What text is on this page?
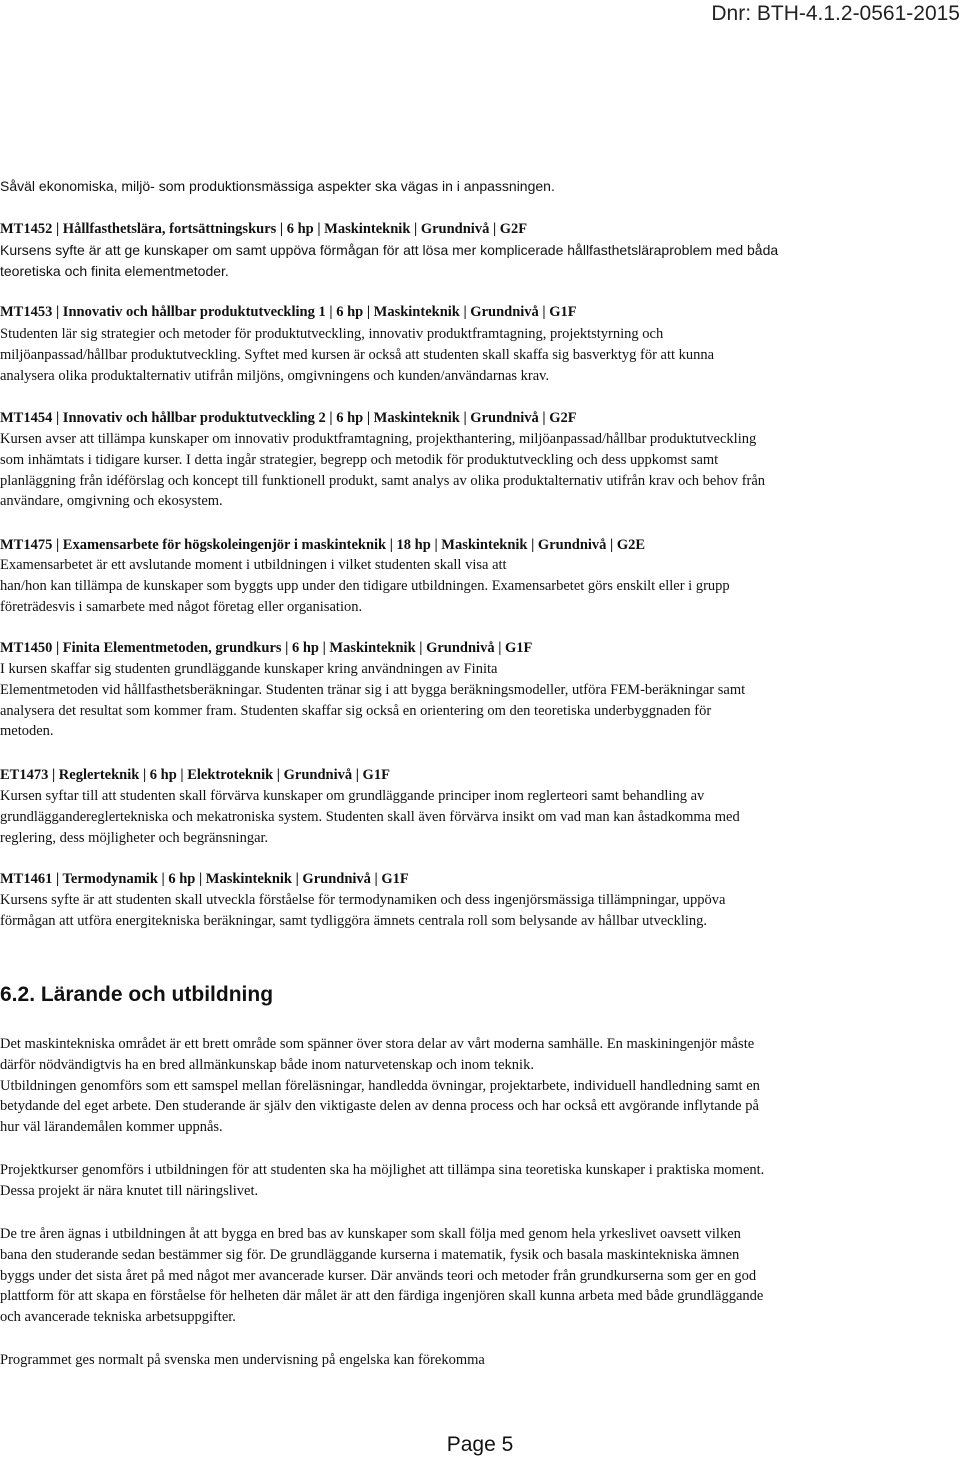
Dnr: BTH-4.1.2-0561-2015

Såväl ekonomiska, miljö- som produktionsmässiga aspekter ska vägas in i anpassningen.

MT1452 | Hållfasthetslära, fortsättningskurs | 6 hp | Maskinteknik | Grundnivå | G2F

Kursens syfte är att ge kunskaper om samt uppöva förmågan för att lösa mer komplicerade hållfasthetsläraproblem med båda
teoretiska och finita elementmetoder.

MT1453 | Innovativ och hållbar produktutveckling 1 | 6 hp | Maskinteknik | Grundnivå | G1F

Studenten lär sig strategier och metoder för produktutveckling, innovativ produktframtagning, projektstyrning och
miljöanpassad/hållbar produktutveckling. Syftet med kursen är också att studenten skall skaffa sig basverktyg för att kunna
analysera olika produktalternativ utifrån miljöns, omgivningens och kunden/användarnas krav.

MT1454 | Innovativ och hållbar produktutveckling 2 | 6 hp | Maskinteknik | Grundnivå | G2F

Kursen avser att tillämpa kunskaper om innovativ produktframtagning, projekthantering, miljöanpassad/hållbar produktutveckling
som inhämtats i tidigare kurser. I detta ingår strategier, begrepp och metodik för produktutveckling och dess uppkomst samt
planläggning från idéförslag och koncept till funktionell produkt, samt analys av olika produktalternativ utifrån krav och behov från
användare, omgivning och ekosystem.

MT1475 | Examensarbete för högskoleingenjör i maskinteknik | 18 hp | Maskinteknik | Grundnivå | G2E

Examensarbetet är ett avslutande moment i utbildningen i vilket studenten skall visa att
han/hon kan tillämpa de kunskaper som byggts upp under den tidigare utbildningen. Examensarbetet görs enskilt eller i grupp
företrädesvis i samarbete med något företag eller organisation.

MT1450 | Finita Elementmetoden, grundkurs | 6 hp | Maskinteknik | Grundnivå | G1F

I kursen skaffar sig studenten grundläggande kunskaper kring användningen av Finita
Elementmetoden vid hållfasthetsberäkningar. Studenten tränar sig i att bygga beräkningsmodeller, utföra FEM-beräkningar samt
analysera det resultat som kommer fram. Studenten skaffar sig också en orientering om den teoretiska underbyggnaden för
metoden.

ET1473 | Reglerteknik | 6 hp | Elektroteknik | Grundnivå | G1F

Kursen syftar till att studenten skall förvärva kunskaper om grundläggande principer inom reglerteori samt behandling av
grundläggandereglertekniska och mekatroniska system. Studenten skall även förvärva insikt om vad man kan åstadkomma med
reglering, dess möjligheter och begränsningar.

MT1461 | Termodynamik | 6 hp | Maskinteknik | Grundnivå | G1F

Kursens syfte är att studenten skall utveckla förståelse för termodynamiken och dess ingenjörsmässiga tillämpningar, uppöva
förmågan att utföra energitekniska beräkningar, samt tydliggöra ämnets centrala roll som belysande av hållbar utveckling.

6.2. Lärande och utbildning

Det maskintekniska området är ett brett område som spänner över stora delar av vårt moderna samhälle. En maskiningenjör måste
därför nödvändigtvis ha en bred allmänkunskap både inom naturvetenskap och inom teknik.
Utbildningen genomförs som ett samspel mellan föreläsningar, handledda övningar, projektarbete, individuell handledning samt en
betydande del eget arbete. Den studerande är själv den viktigaste delen av denna process och har också ett avgörande inflytande på
hur väl lärandemålen kommer uppnås.

Projektkurser genomförs i utbildningen för att studenten ska ha möjlighet att tillämpa sina teoretiska kunskaper i praktiska moment.
Dessa projekt är nära knutet till näringslivet.

De tre åren ägnas i utbildningen åt att bygga en bred bas av kunskaper som skall följa med genom hela yrkeslivet oavsett vilken
bana den studerande sedan bestämmer sig för. De grundläggande kurserna i matematik, fysik och basala maskintekniska ämnen
byggs under det sista året på med något mer avancerade kurser. Där används teori och metoder från grundkurserna som ger en god
plattform för att skapa en förståelse för helheten där målet är att den färdiga ingenjören skall kunna arbeta med både grundläggande
och avancerade tekniska arbetsuppgifter.

Programmet ges normalt på svenska men undervisning på engelska kan förekomma

Page 5
